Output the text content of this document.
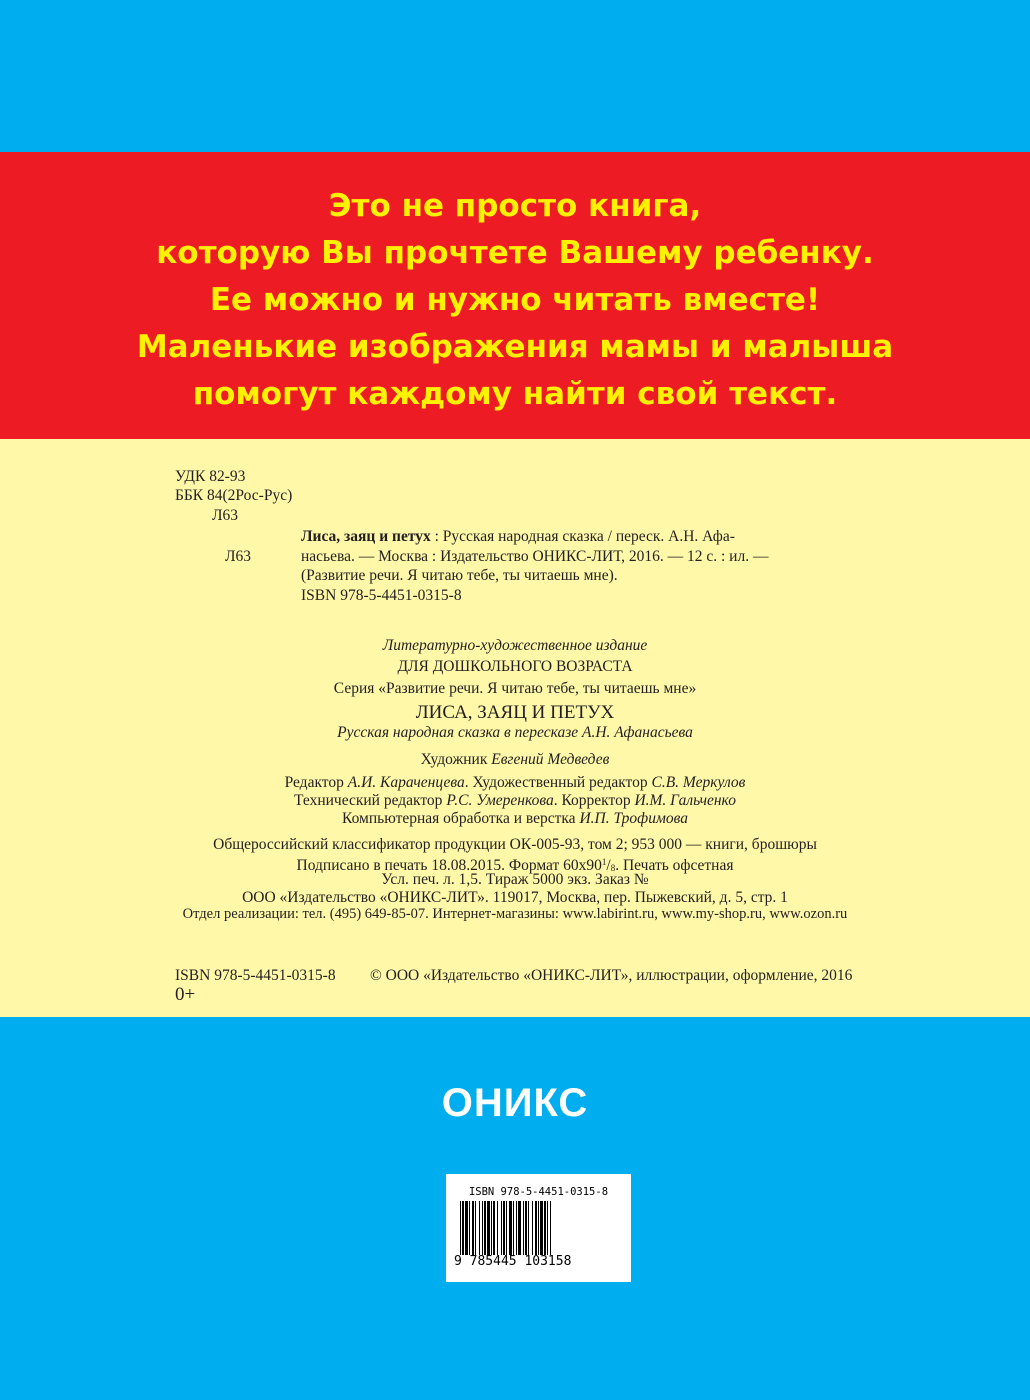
Это не просто книга,
которую Вы прочтете Вашему ребенку.
Ее можно и нужно читать вместе!
Маленькие изображения мамы и малыша
помогут каждому найти свой текст.
УДК 82-93
ББК 84(2Рос-Рус)
Л63
Лиса, заяц и петух : Русская народная сказка / переск. А.Н. Афа-
Л63	насьева. — Москва : Издательство ОНИКС-ЛИТ, 2016. — 12 с. : ил. —
(Развитие речи. Я читаю тебе, ты читаешь мне).
ISBN 978-5-4451-0315-8
Литературно-художественное издание
ДЛЯ ДОШКОЛЬНОГО ВОЗРАСТА
Серия «Развитие речи. Я читаю тебе, ты читаешь мне»
ЛИСА, ЗАЯЦ И ПЕТУХ
Русская народная сказка в пересказе А.Н. Афанасьева
Художник Евгений Медведев
Редактор А.И. Караченцева. Художественный редактор С.В. Меркулов
Технический редактор Р.С. Умеренкова. Корректор И.М. Гальченко
Компьютерная обработка и верстка И.П. Трофимова
Общероссийский классификатор продукции ОК-005-93, том 2; 953 000 — книги, брошюры
Подписано в печать 18.08.2015. Формат $60x90^1/_8$. Печать офсетная
Усл. печ. л. 1,5. Тираж 5000 экз. Заказ №
ООО «Издательство «ОНИКС-ЛИТ». 119017, Москва, пер. Пыжевский, д. 5, стр. 1
Отдел реализации: тел. (495) 649-85-07. Интернет-магазины: www.labirint.ru, www.my-shop.ru, www.ozon.ru
ISBN 978-5-4451-0315-8 © ООО «Издательство «ОНИКС-ЛИТ», иллюстрации, оформление, 2016
0+
ОНИКС
ISBN 978-5-4451-0315-8
9 785445 103158
